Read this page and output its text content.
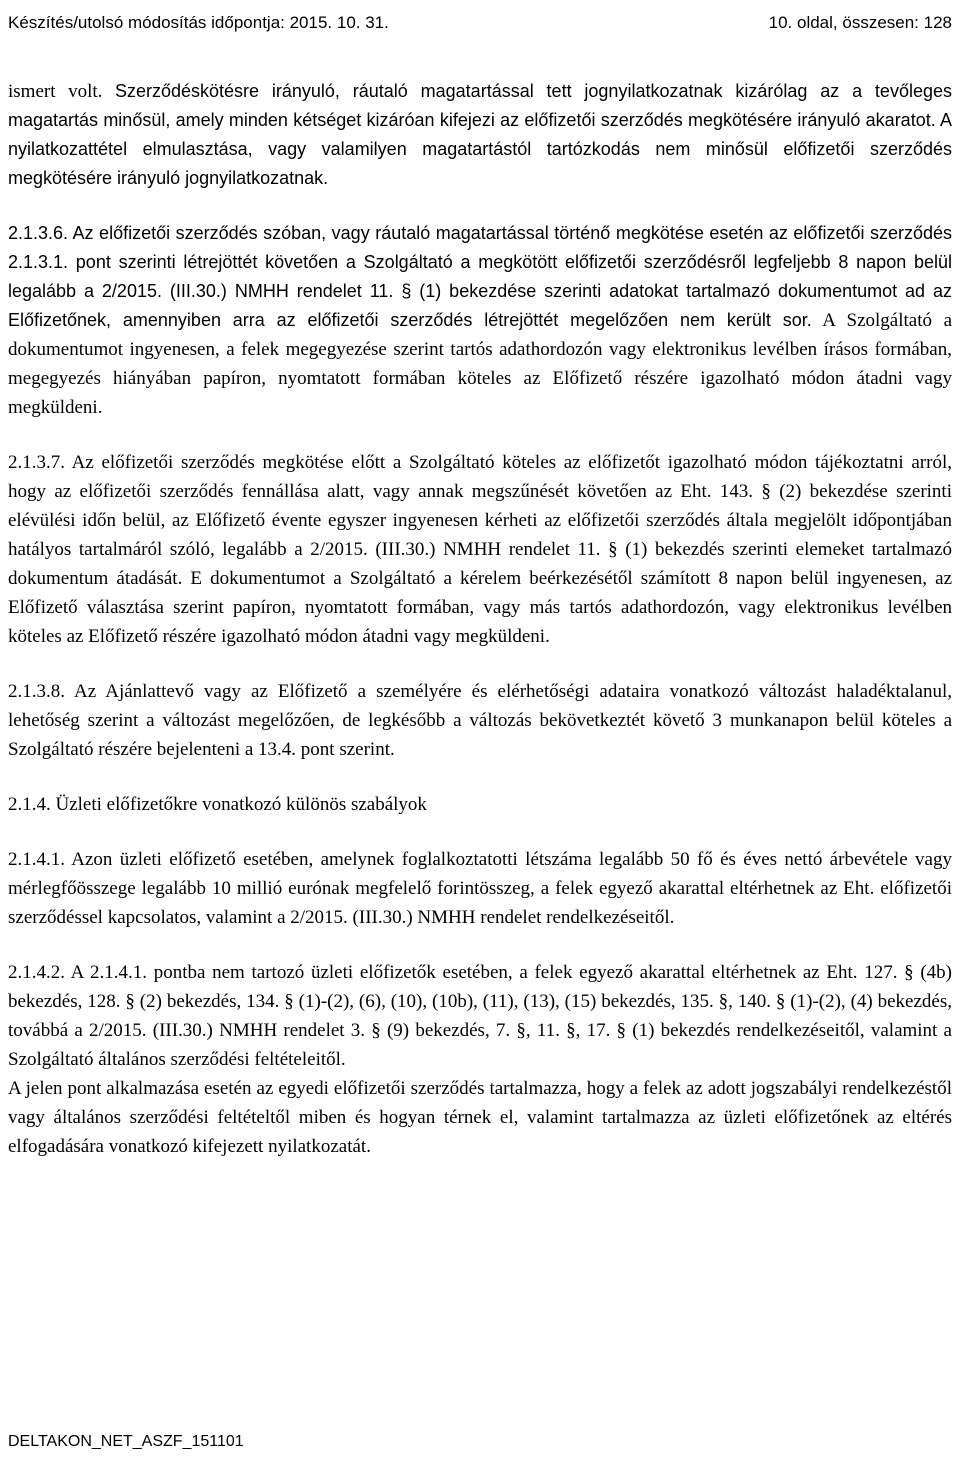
Készítés/utolsó módosítás időpontja: 2015. 10. 31.	10. oldal, összesen: 128

ismert volt. Szerződéskötésre irányuló, ráutaló magatartással tett jognyilatkozatnak kizárólag az a tevőleges magatartás minősül, amely minden kétséget kizáróan kifejezi az előfizetői szerződés megkötésére irányuló akaratot. A nyilatkozattétel elmulasztása, vagy valamilyen magatartástól tartózkodás nem minősül előfizetői szerződés megkötésére irányuló jognyilatkozatnak.

2.1.3.6. Az előfizetői szerződés szóban, vagy ráutaló magatartással történő megkötése esetén az előfizetői szerződés 2.1.3.1. pont szerinti létrejöttét követően a Szolgáltató a megkötött előfizetői szerződésről legfeljebb 8 napon belül legalább a 2/2015. (III.30.) NMHH rendelet 11. § (1) bekezdése szerinti adatokat tartalmazó dokumentumot ad az Előfizetőnek, amennyiben arra az előfizetői szerződés létrejöttét megelőzően nem került sor. A Szolgáltató a dokumentumot ingyenesen, a felek megegyezése szerint tartós adathordozón vagy elektronikus levélben írásos formában, megegyezés hiányában papíron, nyomtatott formában köteles az Előfizető részére igazolható módon átadni vagy megküldeni.

2.1.3.7. Az előfizetői szerződés megkötése előtt a Szolgáltató köteles az előfizetőt igazolható módon tájékoztatni arról, hogy az előfizetői szerződés fennállása alatt, vagy annak megszűnését követően az Eht. 143. § (2) bekezdése szerinti elévülési időn belül, az Előfizető évente egyszer ingyenesen kérheti az előfizetői szerződés általa megjelölt időpontjában hatályos tartalmáról szóló, legalább a 2/2015. (III.30.) NMHH rendelet 11. § (1) bekezdés szerinti elemeket tartalmazó dokumentum átadását. E dokumentumot a Szolgáltató a kérelem beérkezésétől számított 8 napon belül ingyenesen, az Előfizető választása szerint papíron, nyomtatott formában, vagy más tartós adathordozón, vagy elektronikus levélben köteles az Előfizető részére igazolható módon átadni vagy megküldeni.

2.1.3.8. Az Ajánlattevő vagy az Előfizető a személyére és elérhetőségi adataira vonatkozó változást haladéktalanul, lehetőség szerint a változást megelőzően, de legkésőbb a változás bekövetkeztét követő 3 munkanapon belül köteles a Szolgáltató részére bejelenteni a 13.4. pont szerint.

2.1.4. Üzleti előfizetőkre vonatkozó különös szabályok

2.1.4.1. Azon üzleti előfizető esetében, amelynek foglalkoztatotti létszáma legalább 50 fő és éves nettó árbevétele vagy mérlegfőösszege legalább 10 millió eurónak megfelelő forintösszeg, a felek egyező akarattal eltérhetnek az Eht. előfizetői szerződéssel kapcsolatos, valamint a 2/2015. (III.30.) NMHH rendelet rendelkezéseitől.

2.1.4.2. A 2.1.4.1. pontba nem tartozó üzleti előfizetők esetében, a felek egyező akarattal eltérhetnek az Eht. 127. § (4b) bekezdés, 128. § (2) bekezdés, 134. § (1)-(2), (6), (10), (10b), (11), (13), (15) bekezdés, 135. §, 140. § (1)-(2), (4) bekezdés, továbbá a 2/2015. (III.30.) NMHH rendelet 3. § (9) bekezdés, 7. §, 11. §, 17. § (1) bekezdés rendelkezéseitől, valamint a Szolgáltató általános szerződési feltételeitől.

A jelen pont alkalmazása esetén az egyedi előfizetői szerződés tartalmazza, hogy a felek az adott jogszabályi rendelkezéstől vagy általános szerződési feltételtől miben és hogyan térnek el, valamint tartalmazza az üzleti előfizetőnek az eltérés elfogadására vonatkozó kifejezett nyilatkozatát.

DELTAKON_NET_ASZF_151101
